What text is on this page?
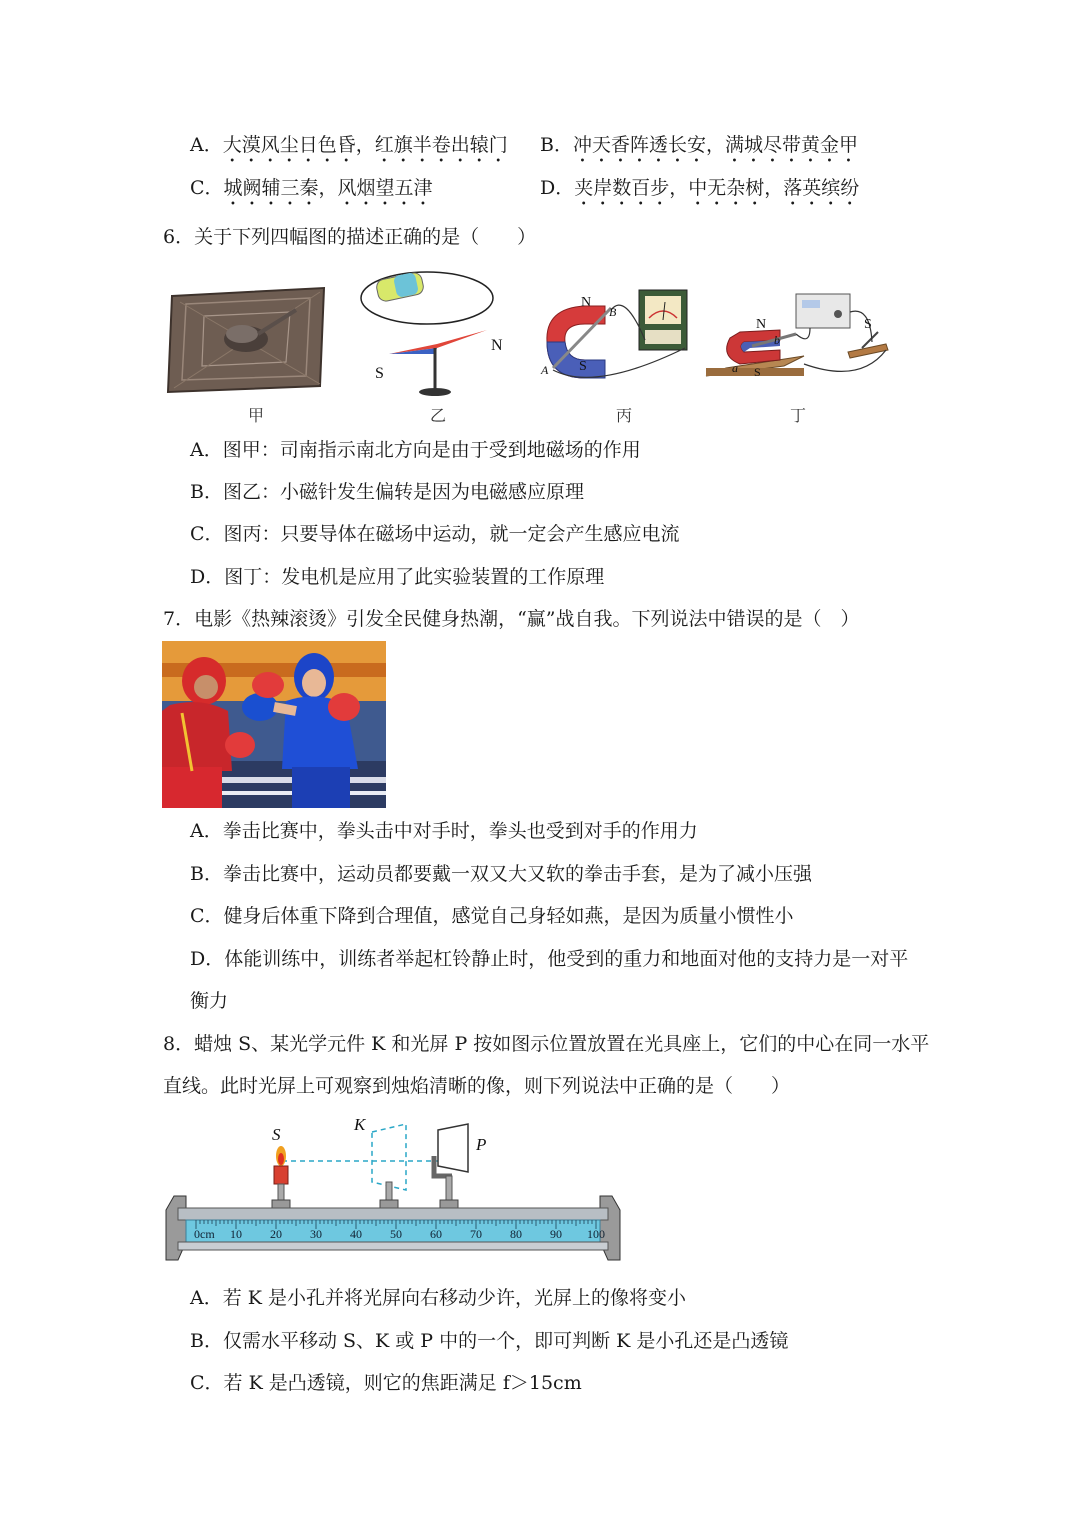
A．大漠风尘日色昏，红旗半卷出辕门 B．冲天香阵透长安，满城尽带黄金甲
C．城阙辅三秦，风烟望五津	D．夹岸数百步，中无杂树，落英缤纷
6．关于下列四幅图的描述正确的是（　　）
S
N
N
S
B
A
N
S
b
a
S
甲	乙	丙	丁
A．图甲：司南指示南北方向是由于受到地磁场的作用
B．图乙：小磁针发生偏转是因为电磁感应原理
C．图丙：只要导体在磁场中运动，就一定会产生感应电流
D．图丁：发电机是应用了此实验装置的工作原理
7．电影《热辣滚烫》引发全民健身热潮，“赢”战自我。下列说法中错误的是（　）
A．拳击比赛中，拳头击中对手时，拳头也受到对手的作用力
B．拳击比赛中，运动员都要戴一双又大又软的拳击手套，是为了减小压强
C．健身后体重下降到合理值，感觉自己身轻如燕，是因为质量小惯性小
D．体能训练中，训练者举起杠铃静止时，他受到的重力和地面对他的支持力是一对平
衡力
8．蜡烛 S、某光学元件 K 和光屏 P 按如图示位置放置在光具座上，它们的中心在同一水平
直线。此时光屏上可观察到烛焰清晰的像，则下列说法中正确的是（　　）
S
K
P
0cm 10 20 30 40 50 60 70 80 90 100
A．若 K 是小孔并将光屏向右移动少许，光屏上的像将变小
B．仅需水平移动 S、K 或 P 中的一个，即可判断 K 是小孔还是凸透镜
C．若 K 是凸透镜，则它的焦距满足 f＞15cm
